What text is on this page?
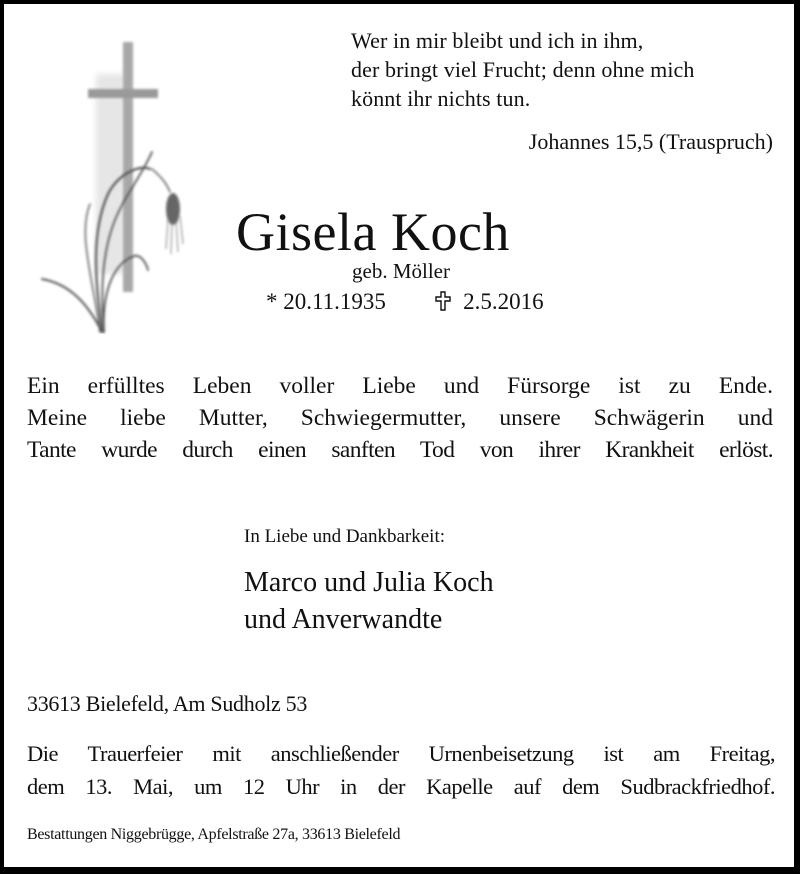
Wer in mir bleibt und ich in ihm,
der bringt viel Frucht; denn ohne mich
könnt ihr nichts tun.
Johannes 15,5 (Trauspruch)
Gisela Koch
geb. Möller
* 20.11.1935	2.5.2016
Ein erfülltes Leben voller Liebe und Fürsorge ist zu Ende.
Meine liebe Mutter, Schwiegermutter, unsere Schwägerin und
Tante wurde durch einen sanften Tod von ihrer Krankheit erlöst.
In Liebe und Dankbarkeit:
Marco und Julia Koch
und Anverwandte
33613 Bielefeld, Am Sudholz 53
Die Trauerfeier mit anschließender Urnenbeisetzung ist am Freitag,
dem 13. Mai, um 12 Uhr in der Kapelle auf dem Sudbrackfriedhof.
Bestattungen Niggebrügge, Apfelstraße 27a, 33613 Bielefeld
